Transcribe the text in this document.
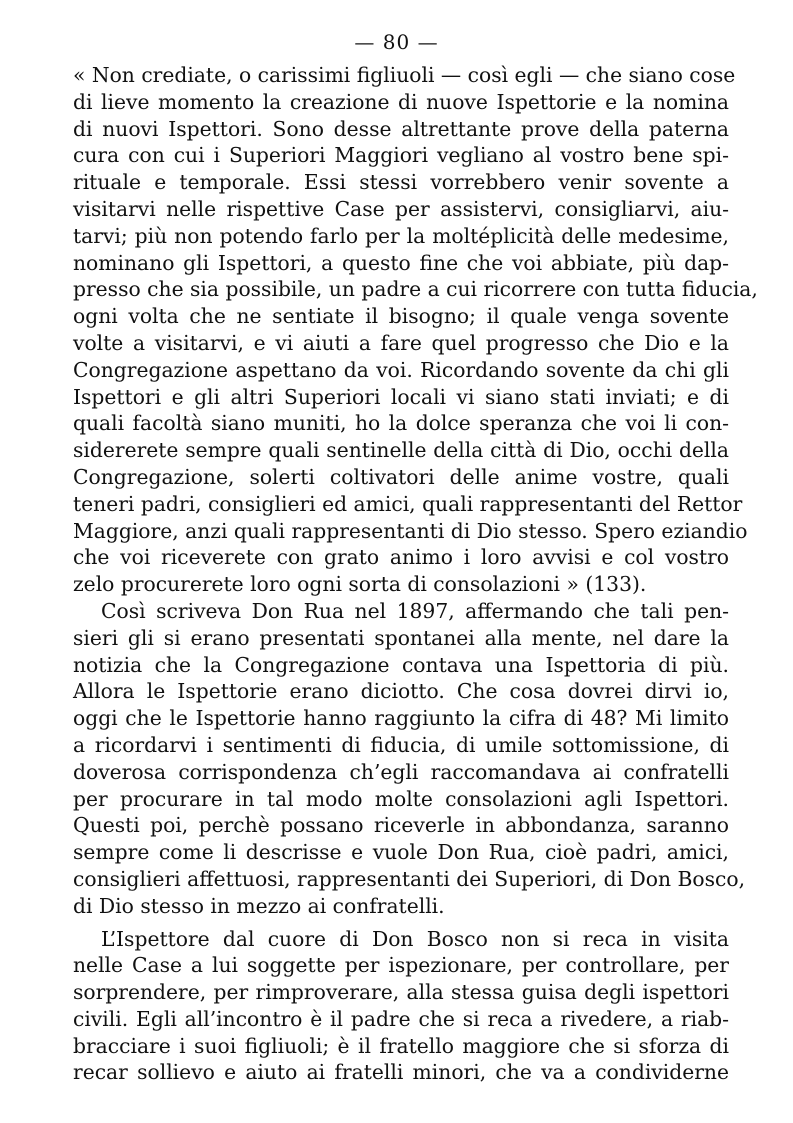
— 80 —
« Non crediate, o carissimi figliuoli — così egli — che siano cose
di lieve momento la creazione di nuove Ispettorie e la nomina
di nuovi Ispettori. Sono desse altrettante prove della paterna
cura con cui i Superiori Maggiori vegliano al vostro bene spi-
rituale e temporale. Essi stessi vorrebbero venir sovente a
visitarvi nelle rispettive Case per assistervi, consigliarvi, aiu-
tarvi; più non potendo farlo per la moltéplicità delle medesime,
nominano gli Ispettori, a questo fine che voi abbiate, più dap-
presso che sia possibile, un padre a cui ricorrere con tutta fiducia,
ogni volta che ne sentiate il bisogno; il quale venga sovente
volte a visitarvi, e vi aiuti a fare quel progresso che Dio e la
Congregazione aspettano da voi. Ricordando sovente da chi gli
Ispettori e gli altri Superiori locali vi siano stati inviati; e di
quali facoltà siano muniti, ho la dolce speranza che voi li con-
sidererete sempre quali sentinelle della città di Dio, occhi della
Congregazione, solerti coltivatori delle anime vostre, quali
teneri padri, consiglieri ed amici, quali rappresentanti del Rettor
Maggiore, anzi quali rappresentanti di Dio stesso. Spero eziandio
che voi riceverete con grato animo i loro avvisi e col vostro
zelo procurerete loro ogni sorta di consolazioni » (133).
Così scriveva Don Rua nel 1897, affermando che tali pen-
sieri gli si erano presentati spontanei alla mente, nel dare la
notizia che la Congregazione contava una Ispettoria di più.
Allora le Ispettorie erano diciotto. Che cosa dovrei dirvi io,
oggi che le Ispettorie hanno raggiunto la cifra di 48? Mi limito
a ricordarvi i sentimenti di fiducia, di umile sottomissione, di
doverosa corrispondenza ch’egli raccomandava ai confratelli
per procurare in tal modo molte consolazioni agli Ispettori.
Questi poi, perchè possano riceverle in abbondanza, saranno
sempre come li descrisse e vuole Don Rua, cioè padri, amici,
consiglieri affettuosi, rappresentanti dei Superiori, di Don Bosco,
di Dio stesso in mezzo ai confratelli.
L’Ispettore dal cuore di Don Bosco non si reca in visita
nelle Case a lui soggette per ispezionare, per controllare, per
sorprendere, per rimproverare, alla stessa guisa degli ispettori
civili. Egli all’incontro è il padre che si reca a rivedere, a riab-
bracciare i suoi figliuoli; è il fratello maggiore che si sforza di
recar sollievo e aiuto ai fratelli minori, che va a condividerne
